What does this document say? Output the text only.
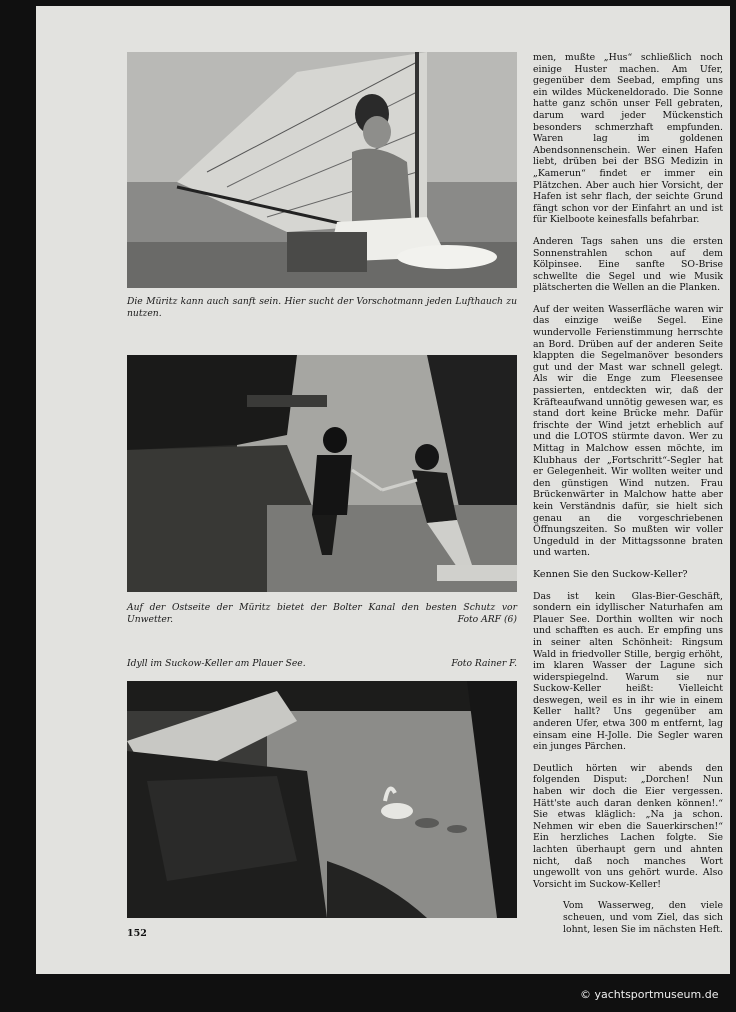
Die Müritz kann auch sanft sein. Hier sucht der Vorschotmann jeden Lufthauch zu nutzen.
Auf der Ostseite der Müritz bietet der Bolter Kanal den besten Schutz vor Unwetter.	Foto ARF (6)
Idyll im Suckow-Keller am Plauer See.	Foto Rainer F.

men, mußte „Hus“ schließlich noch einige Huster machen. Am Ufer, gegenüber dem Seebad, empfing uns ein wildes Mückeneldorado. Die Sonne hatte ganz schön unser Fell gebraten, darum ward jeder Mückenstich besonders schmerzhaft empfunden. Waren lag im goldenen Abendsonnenschein. Wer einen Hafen liebt, drüben bei der BSG Medizin in „Kamerun“ findet er immer ein Plätzchen. Aber auch hier Vorsicht, der Hafen ist sehr flach, der seichte Grund fängt schon vor der Einfahrt an und ist für Kielboote keinesfalls befahrbar.

Anderen Tags sahen uns die ersten Sonnenstrahlen schon auf dem Kölpinsee. Eine sanfte SO-Brise schwellte die Segel und wie Musik plätscherten die Wellen an die Planken.

Auf der weiten Wasserfläche waren wir das einzige weiße Segel. Eine wundervolle Ferienstimmung herrschte an Bord. Drüben auf der anderen Seite klappten die Segelmanöver besonders gut und der Mast war schnell gelegt. Als wir die Enge zum Fleesensee passierten, entdeckten wir, daß der Kräfteaufwand unnötig gewesen war, es stand dort keine Brücke mehr. Dafür frischte der Wind jetzt erheblich auf und die LOTOS stürmte davon. Wer zu Mittag in Malchow essen möchte, im Klubhaus der „Fortschritt“-Segler hat er Gelegenheit. Wir wollten weiter und den günstigen Wind nutzen. Frau Brückenwärter in Malchow hatte aber kein Verständnis dafür, sie hielt sich genau an die vorgeschriebenen Öffnungszeiten. So mußten wir voller Ungeduld in der Mittagssonne braten und warten.

Kennen Sie den Suckow-Keller?

Das ist kein Glas-Bier-Geschäft, sondern ein idyllischer Naturhafen am Plauer See. Dorthin wollten wir noch und schafften es auch. Er empfing uns in seiner alten Schönheit: Ringsum Wald in friedvoller Stille, bergig erhöht, im klaren Wasser der Lagune sich widerspiegelnd. Warum sie nur Suckow-Keller heißt: Vielleicht deswegen, weil es in ihr wie in einem Keller hallt? Uns gegenüber am anderen Ufer, etwa 300 m entfernt, lag einsam eine H-Jolle. Die Segler waren ein junges Pärchen.

Deutlich hörten wir abends den folgenden Disput: „Dorchen! Nun haben wir doch die Eier vergessen. Hätt'ste auch daran denken können!.“ Sie etwas kläglich: „Na ja schon. Nehmen wir eben die Sauerkirschen!“ Ein herzliches Lachen folgte. Sie lachten überhaupt gern und ahnten nicht, daß noch manches Wort ungewollt von uns gehört wurde. Also Vorsicht im Suckow-Keller!

Vom Wasserweg, den viele scheuen, und vom Ziel, das sich lohnt, lesen Sie im nächsten Heft.

152
© yachtsportmuseum.de
